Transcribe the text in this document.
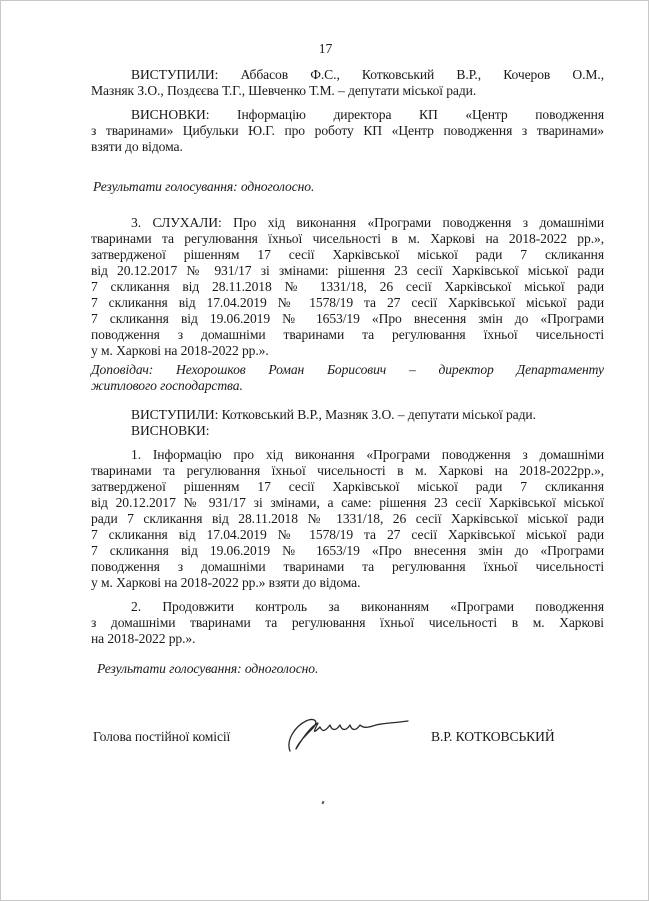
17

ВИСТУПИЛИ: Аббасов Ф.С., Котковський В.Р., Кочеров О.М.,

Мазняк З.О., Поздєєва Т.Г., Шевченко Т.М. – депутати міської ради.

ВИСНОВКИ: Інформацію директора КП «Центр поводження

з тваринами» Цибульки Ю.Г. про роботу КП «Центр поводження з тваринами»

взяти до відома.

Результати голосування: одноголосно.

3. СЛУХАЛИ: Про хід виконання «Програми поводження з домашніми

тваринами та регулювання їхньої чисельності в м. Харкові на 2018-2022 рр.»,

затвердженої рішенням 17 сесії Харківської міської ради 7 скликання

від 20.12.2017 № 931/17 зі змінами: рішення 23 сесії Харківської міської ради

7 скликання від 28.11.2018 № 1331/18, 26 сесії Харківської міської ради

7 скликання від 17.04.2019 № 1578/19 та 27 сесії Харківської міської ради

7 скликання від 19.06.2019 № 1653/19 «Про внесення змін до «Програми

поводження з домашніми тваринами та регулювання їхньої чисельності

у м. Харкові на 2018-2022 рр.».

Доповідач: Нехорошков Роман Борисович – директор Департаменту

житлового господарства.

ВИСТУПИЛИ: Котковський В.Р., Мазняк З.О. – депутати міської ради.

ВИСНОВКИ:

1. Інформацію про хід виконання «Програми поводження з домашніми

тваринами та регулювання їхньої чисельності в м. Харкові на 2018-2022рр.»,

затвердженої рішенням 17 сесії Харківської міської ради 7 скликання

від 20.12.2017 № 931/17 зі змінами, а саме: рішення 23 сесії Харківської міської

ради 7 скликання від 28.11.2018 № 1331/18, 26 сесії Харківської міської ради

7 скликання від 17.04.2019 № 1578/19 та 27 сесії Харківської міської ради

7 скликання від 19.06.2019 № 1653/19 «Про внесення змін до «Програми

поводження з домашніми тваринами та регулювання їхньої чисельності

у м. Харкові на 2018-2022 рр.» взяти до відома.

2. Продовжити контроль за виконанням «Програми поводження

з домашніми тваринами та регулювання їхньої чисельності в м. Харкові

на 2018-2022 рр.».

Результати голосування: одноголосно.

Голова постійної комісії	В.Р. КОТКОВСЬКИЙ
